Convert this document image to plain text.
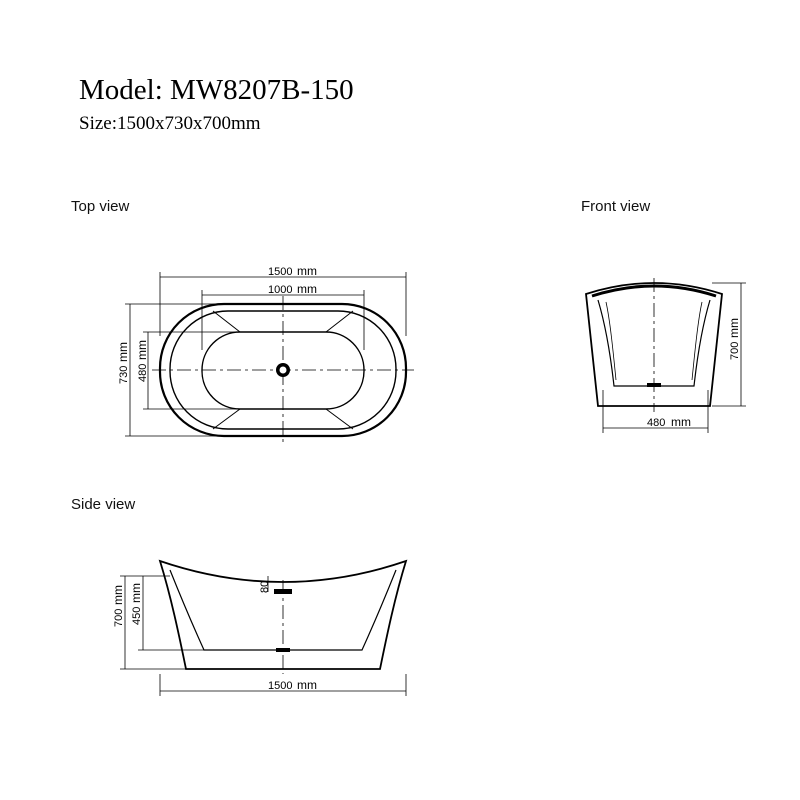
Model: MW8207B-150
Size:1500x730x700mm
Top view	Front view
Side view
1500 mm
1000 mm
730
mm
480
mm	700
mm
480 mm
700
mm
450
mm	80
1500 mm
